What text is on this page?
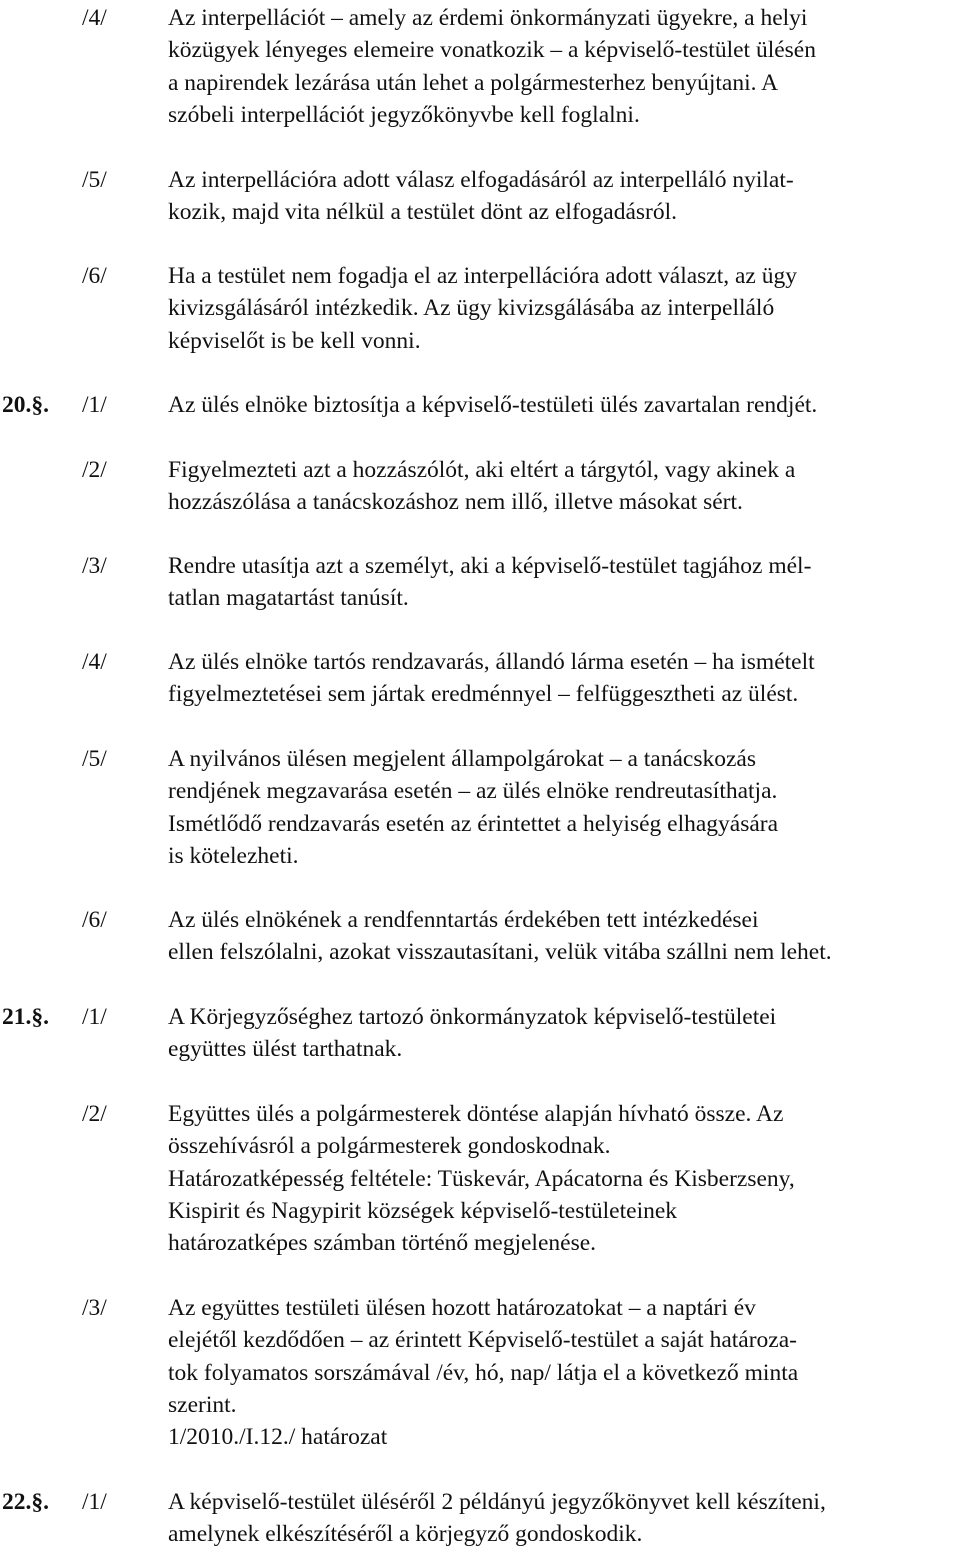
/4/	Az interpellációt – amely az érdemi önkormányzati ügyekre, a helyi
közügyek lényeges elemeire vonatkozik – a képviselő-testület ülésén
a napirendek lezárása után lehet a polgármesterhez benyújtani. A
szóbeli interpellációt jegyzőkönyvbe kell foglalni.
/5/	Az interpellációra adott válasz elfogadásáról az interpelláló nyilat-
kozik, majd vita nélkül a testület dönt az elfogadásról.
/6/	Ha a testület nem fogadja el az interpellációra adott választ, az ügy
kivizsgálásáról intézkedik. Az ügy kivizsgálásába az interpelláló
képviselőt is be kell vonni.
20.§. /1/	Az ülés elnöke biztosítja a képviselő-testületi ülés zavartalan rendjét.
/2/	Figyelmezteti azt a hozzászólót, aki eltért a tárgytól, vagy akinek a
hozzászólása a tanácskozáshoz nem illő, illetve másokat sért.
/3/	Rendre utasítja azt a személyt, aki a képviselő-testület tagjához mél-
tatlan magatartást tanúsít.
/4/	Az ülés elnöke tartós rendzavarás, állandó lárma esetén – ha ismételt
figyelmeztetései sem jártak eredménnyel – felfüggesztheti az ülést.
/5/	A nyilvános ülésen megjelent állampolgárokat – a tanácskozás
rendjének megzavarása esetén – az ülés elnöke rendreutasíthatja.
Ismétlődő rendzavarás esetén az érintettet a helyiség elhagyására
is kötelezheti.
/6/	Az ülés elnökének a rendfenntartás érdekében tett intézkedései
ellen felszólalni, azokat visszautasítani, velük vitába szállni nem lehet.
21.§. /1/	A Körjegyzőséghez tartozó önkormányzatok képviselő-testületei
együttes ülést tarthatnak.
/2/	Együttes ülés a polgármesterek döntése alapján hívható össze. Az
összehívásról a polgármesterek gondoskodnak.
Határozatképesség feltétele: Tüskevár, Apácatorna és Kisberzseny,
Kispirit és Nagypirit községek képviselő-testületeinek
határozatképes számban történő megjelenése.
/3/	Az együttes testületi ülésen hozott határozatokat – a naptári év
elejétől kezdődően – az érintett Képviselő-testület a saját határoza-
tok folyamatos sorszámával /év, hó, nap/ látja el a következő minta
szerint.
1/2010./I.12./ határozat
22.§. /1/	A képviselő-testület üléséről 2 példányú jegyzőkönyvet kell készíteni,
amelynek elkészítéséről a körjegyző gondoskodik.
